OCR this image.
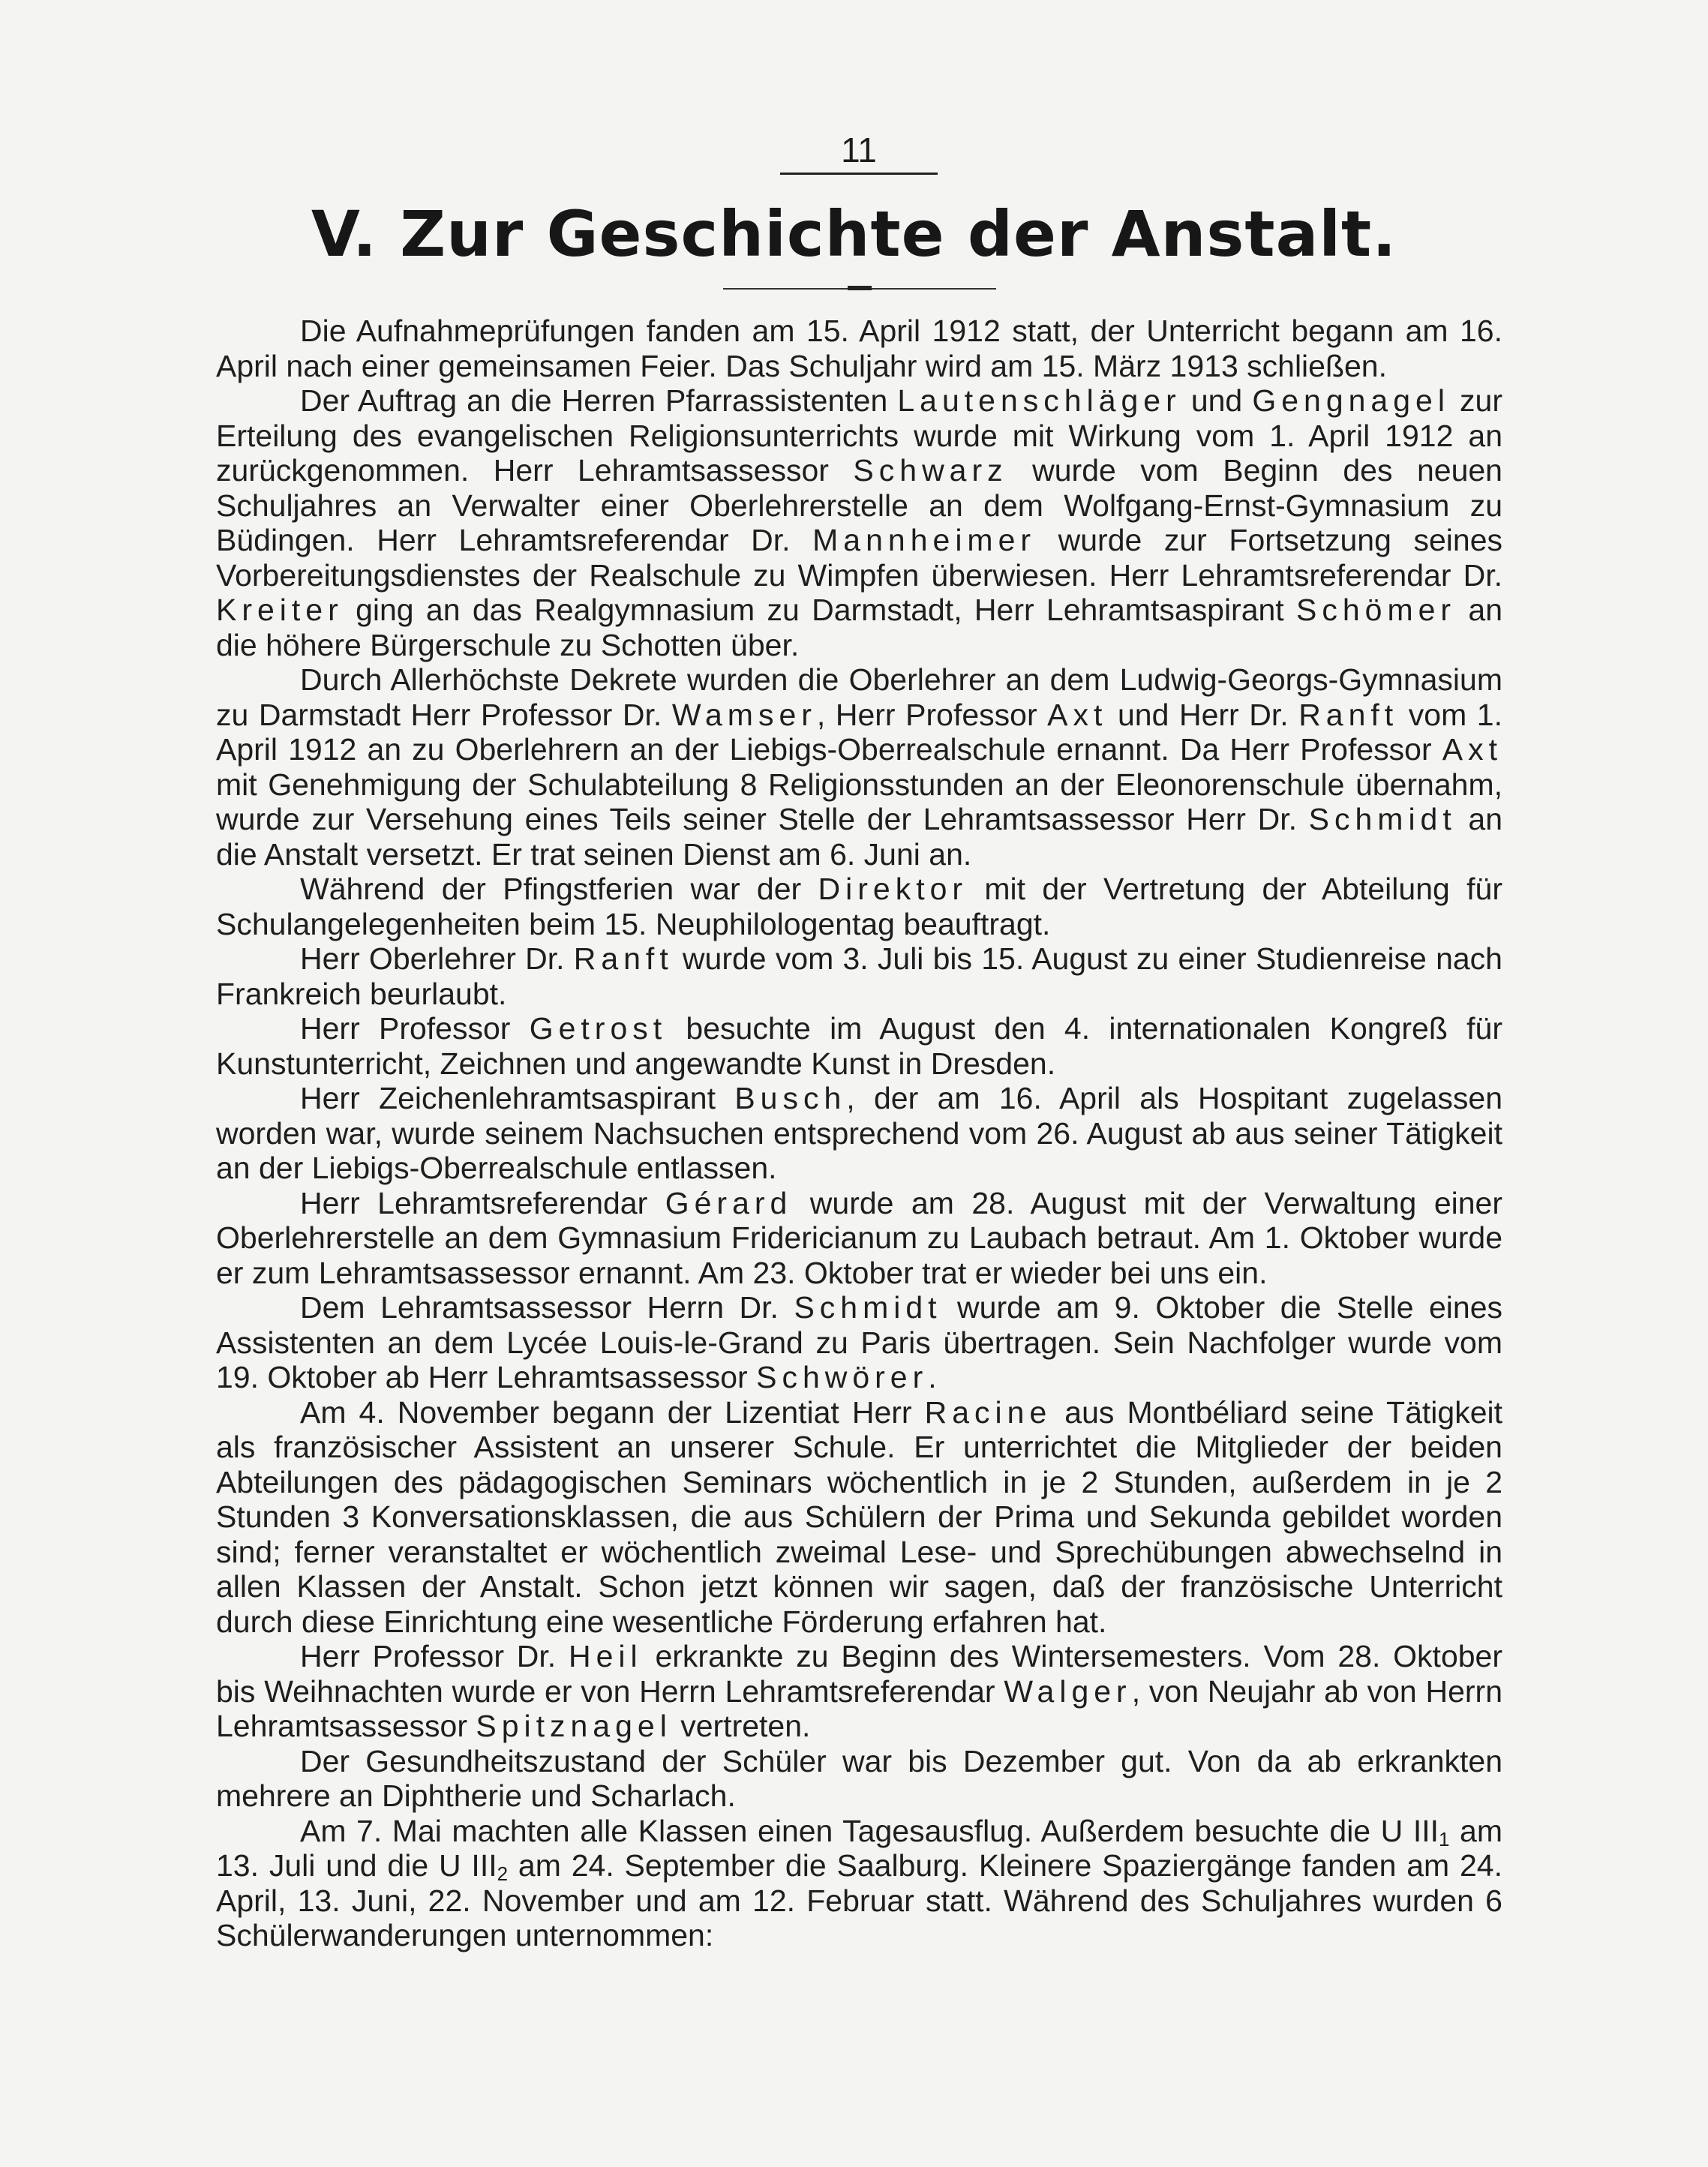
11
V. Zur Geschichte der Anstalt.

Die Aufnahmeprüfungen fanden am 15. April 1912 statt, der Unterricht begann am 16. April nach einer gemeinsamen Feier. Das Schuljahr wird am 15. März 1913 schließen.

Der Auftrag an die Herren Pfarrassistenten Lautenschläger und Gengnagel zur Erteilung des evangelischen Religionsunterrichts wurde mit Wirkung vom 1. April 1912 an zurückgenommen. Herr Lehramtsassessor Schwarz wurde vom Beginn des neuen Schuljahres an Verwalter einer Oberlehrerstelle an dem Wolfgang-Ernst-Gymnasium zu Büdingen. Herr Lehramtsreferendar Dr. Mannheimer wurde zur Fortsetzung seines Vorbereitungsdienstes der Realschule zu Wimpfen überwiesen. Herr Lehramtsreferendar Dr. Kreiter ging an das Realgymnasium zu Darmstadt, Herr Lehramtsaspirant Schömer an die höhere Bürgerschule zu Schotten über.

Durch Allerhöchste Dekrete wurden die Oberlehrer an dem Ludwig-Georgs-Gymnasium zu Darmstadt Herr Professor Dr. Wamser, Herr Professor Axt und Herr Dr. Ranft vom 1. April 1912 an zu Oberlehrern an der Liebigs-Oberrealschule ernannt. Da Herr Professor Axt mit Genehmigung der Schulabteilung 8 Religionsstunden an der Eleonorenschule übernahm, wurde zur Versehung eines Teils seiner Stelle der Lehramtsassessor Herr Dr. Schmidt an die Anstalt versetzt. Er trat seinen Dienst am 6. Juni an.

Während der Pfingstferien war der Direktor mit der Vertretung der Abteilung für Schulangelegenheiten beim 15. Neuphilologentag beauftragt.

Herr Oberlehrer Dr. Ranft wurde vom 3. Juli bis 15. August zu einer Studienreise nach Frankreich beurlaubt.

Herr Professor Getrost besuchte im August den 4. internationalen Kongreß für Kunstunterricht, Zeichnen und angewandte Kunst in Dresden.

Herr Zeichenlehramtsaspirant Busch, der am 16. April als Hospitant zugelassen worden war, wurde seinem Nachsuchen entsprechend vom 26. August ab aus seiner Tätigkeit an der Liebigs-Oberrealschule entlassen.

Herr Lehramtsreferendar Gérard wurde am 28. August mit der Verwaltung einer Oberlehrerstelle an dem Gymnasium Fridericianum zu Laubach betraut. Am 1. Oktober wurde er zum Lehramtsassessor ernannt. Am 23. Oktober trat er wieder bei uns ein.

Dem Lehramtsassessor Herrn Dr. Schmidt wurde am 9. Oktober die Stelle eines Assistenten an dem Lycée Louis-le-Grand zu Paris übertragen. Sein Nachfolger wurde vom 19. Oktober ab Herr Lehramtsassessor Schwörer.

Am 4. November begann der Lizentiat Herr Racine aus Montbéliard seine Tätigkeit als französischer Assistent an unserer Schule. Er unterrichtet die Mitglieder der beiden Abteilungen des pädagogischen Seminars wöchentlich in je 2 Stunden, außerdem in je 2 Stunden 3 Konversationsklassen, die aus Schülern der Prima und Sekunda gebildet worden sind; ferner veranstaltet er wöchentlich zweimal Lese- und Sprechübungen abwechselnd in allen Klassen der Anstalt. Schon jetzt können wir sagen, daß der französische Unterricht durch diese Einrichtung eine wesentliche Förderung erfahren hat.

Herr Professor Dr. Heil erkrankte zu Beginn des Wintersemesters. Vom 28. Oktober bis Weihnachten wurde er von Herrn Lehramtsreferendar Walger, von Neujahr ab von Herrn Lehramtsassessor Spitznagel vertreten.

Der Gesundheitszustand der Schüler war bis Dezember gut. Von da ab erkrankten mehrere an Diphtherie und Scharlach.

Am 7. Mai machten alle Klassen einen Tagesausflug. Außerdem besuchte die U $III_1$ am 13. Juli und die U $III_2$ am 24. September die Saalburg. Kleinere Spaziergänge fanden am 24. April, 13. Juni, 22. November und am 12. Februar statt. Während des Schuljahres wurden 6 Schülerwanderungen unternommen:
